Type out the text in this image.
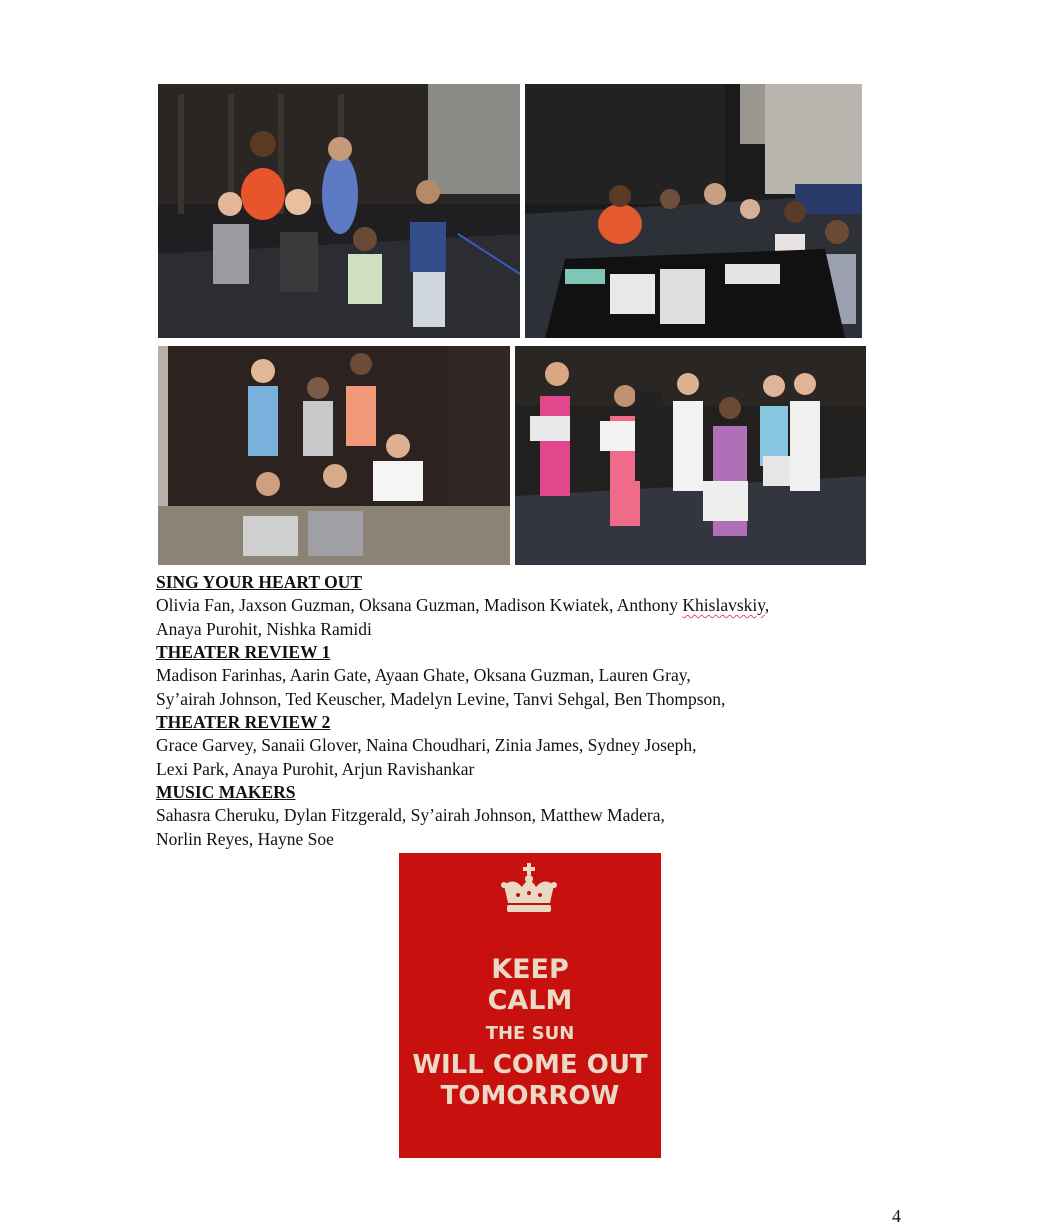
SING YOUR HEART OUT
Olivia Fan, Jaxson Guzman, Oksana Guzman, Madison Kwiatek, Anthony Khislavskiy,
Anaya Purohit, Nishka Ramidi
THEATER REVIEW 1
Madison Farinhas, Aarin Gate, Ayaan Ghate, Oksana Guzman, Lauren Gray,
Sy’airah Johnson, Ted Keuscher, Madelyn Levine, Tanvi Sehgal, Ben Thompson,
THEATER REVIEW 2
Grace Garvey, Sanaii Glover, Naina Choudhari, Zinia James, Sydney Joseph,
Lexi Park, Anaya Purohit, Arjun Ravishankar
MUSIC MAKERS
Sahasra Cheruku, Dylan Fitzgerald, Sy’airah Johnson, Matthew Madera,
Norlin Reyes, Hayne Soe
KEEP
CALM
THE SUN
WILL COME OUT
TOMORROW
4
